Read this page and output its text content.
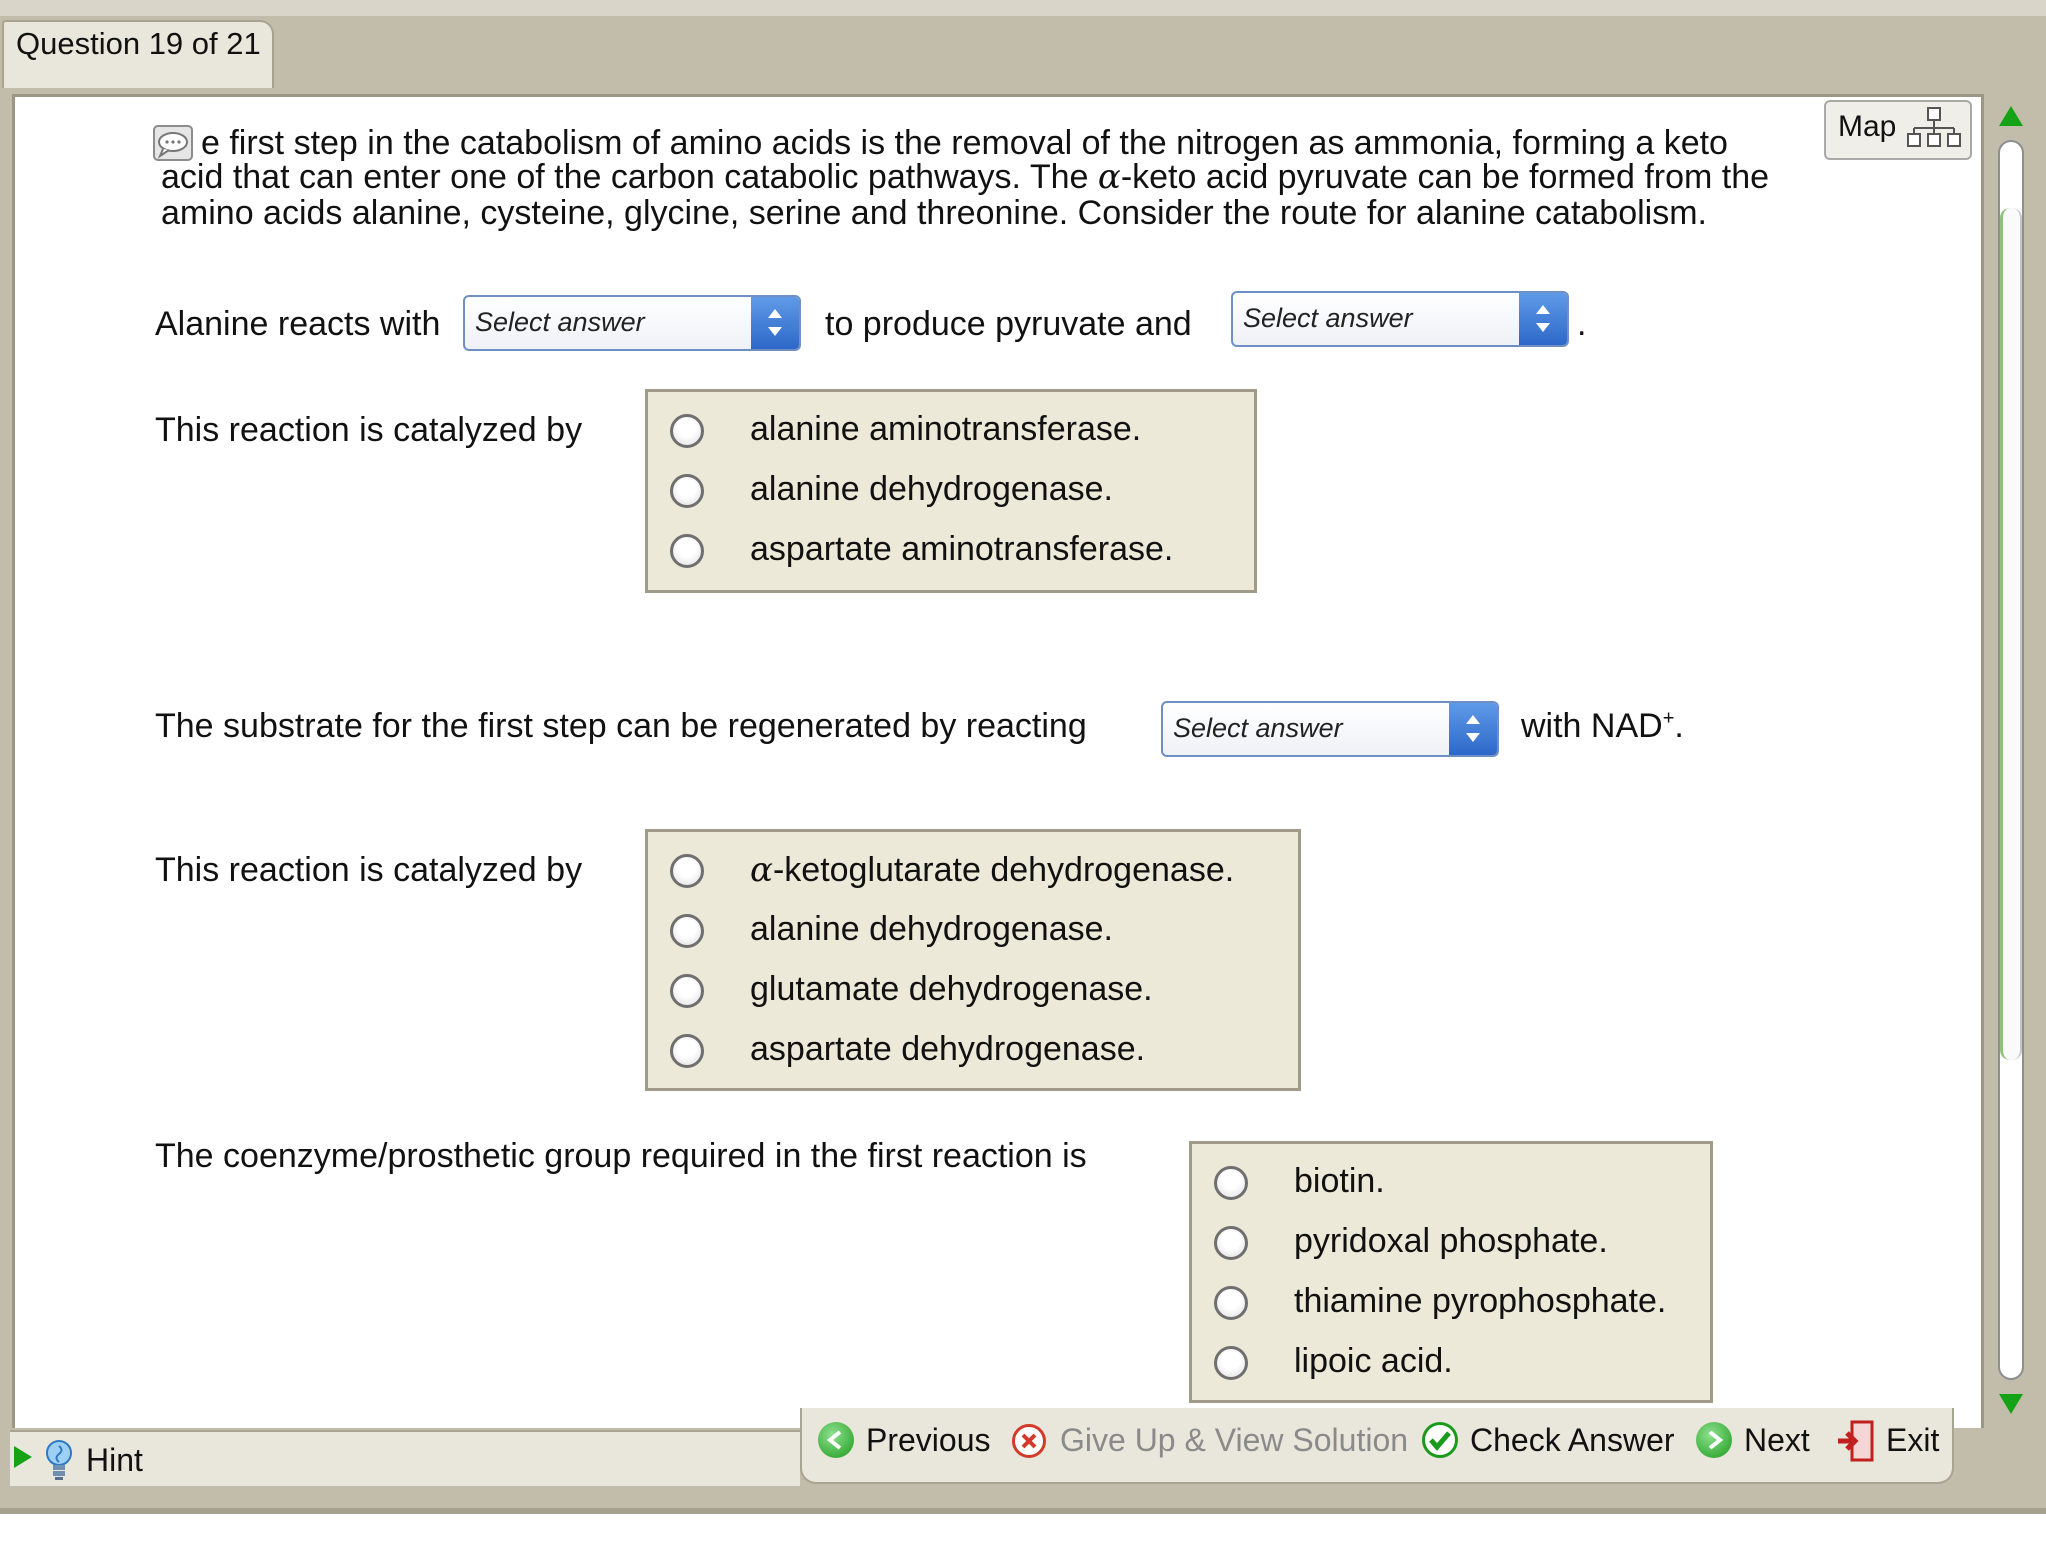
Question 19 of 21
e first step in the catabolism of amino acids is the removal of the nitrogen as ammonia, forming a keto
acid that can enter one of the carbon catabolic pathways. The α-keto acid pyruvate can be formed from the
amino acids alanine, cysteine, glycine, serine and threonine. Consider the route for alanine catabolism.
Alanine reacts with Select answer	to produce pyruvate and Select answer	.
This reaction is catalyzed by	alanine aminotransferase.
alanine dehydrogenase.
aspartate aminotransferase.
The substrate for the first step can be regenerated by reacting	Select answer	with NAD+.
This reaction is catalyzed by	α-ketoglutarate dehydrogenase.
alanine dehydrogenase.
glutamate dehydrogenase.
aspartate dehydrogenase.
The coenzyme/prosthetic group required in the first reaction is
biotin.
pyridoxal phosphate.
thiamine pyrophosphate.
lipoic acid.
Map
Hint
Previous Give Up & View Solution Check Answer Next Exit
